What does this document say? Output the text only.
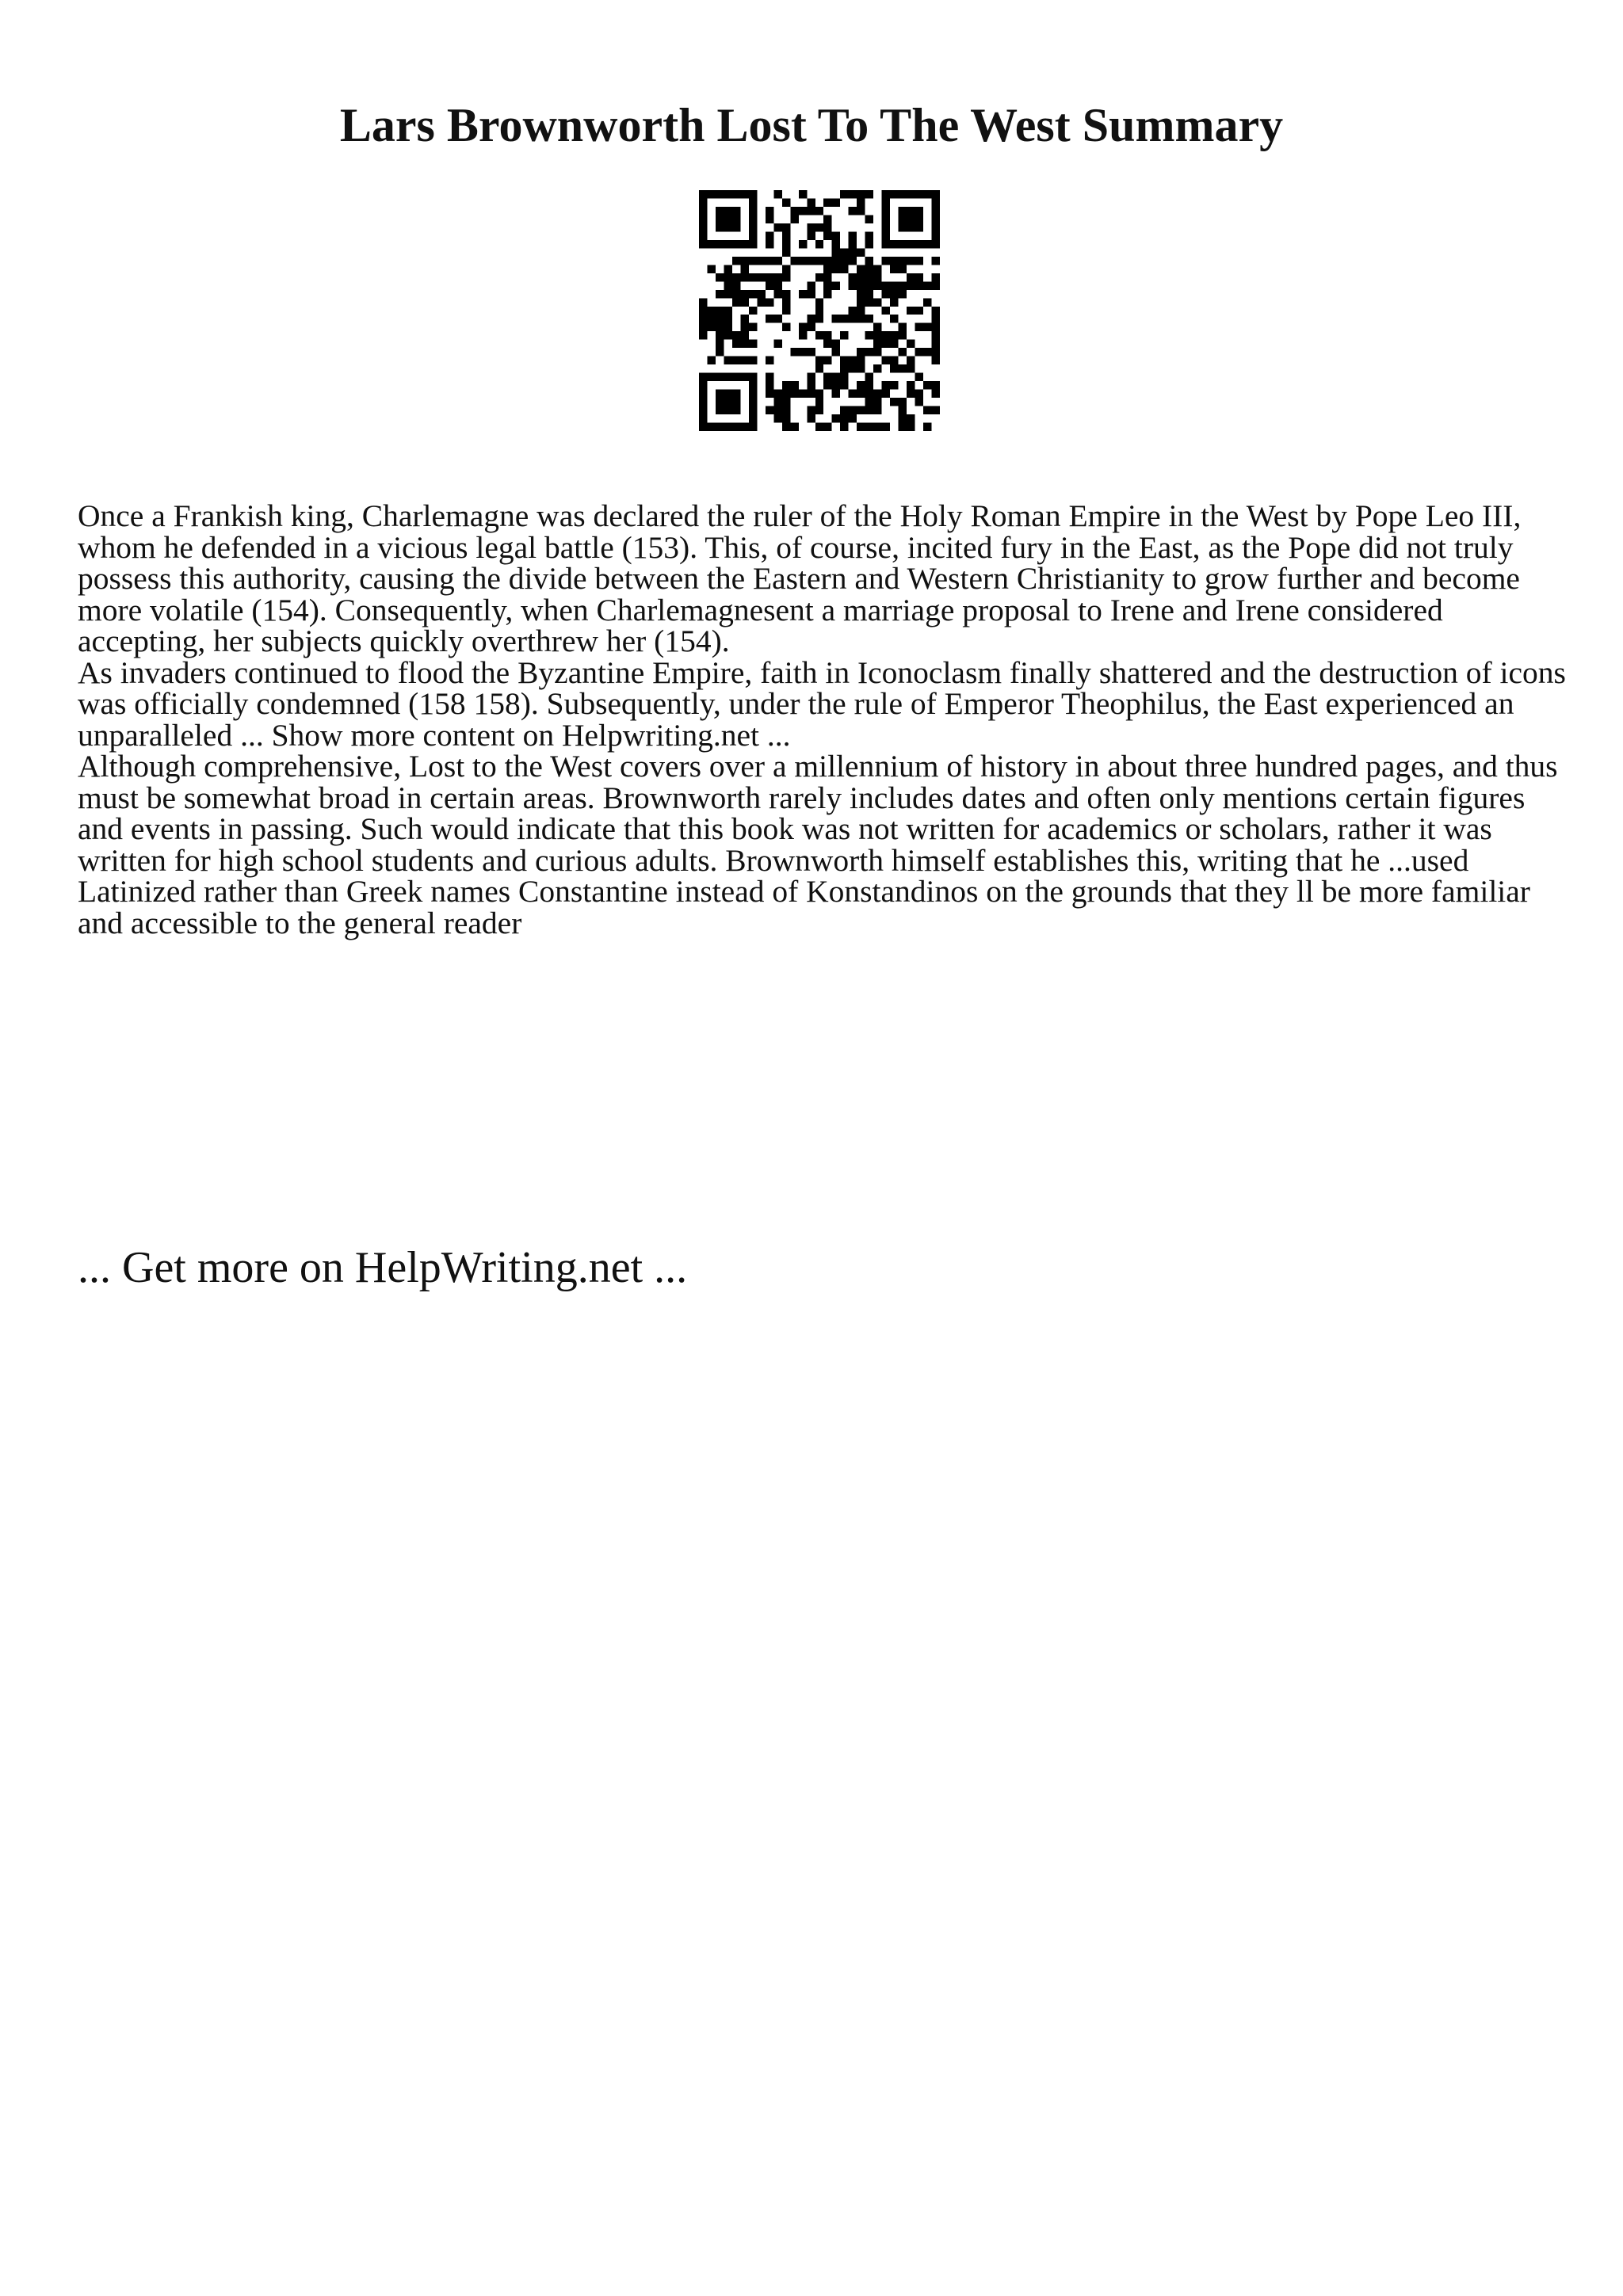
Lars Brownworth Lost To The West Summary

Once a Frankish king, Charlemagne was declared the ruler of the Holy Roman Empire in the West by Pope Leo III, whom he defended in a vicious legal battle (153). This, of course, incited fury in the East, as the Pope did not truly possess this authority, causing the divide between the Eastern and Western Christianity to grow further and become more volatile (154). Consequently, when Charlemagnesent a marriage proposal to Irene and Irene considered accepting, her subjects quickly overthrew her (154).

As invaders continued to flood the Byzantine Empire, faith in Iconoclasm finally shattered and the destruction of icons was officially condemned (158 158). Subsequently, under the rule of Emperor Theophilus, the East experienced an unparalleled ... Show more content on Helpwriting.net ...

Although comprehensive, Lost to the West covers over a millennium of history in about three hundred pages, and thus must be somewhat broad in certain areas. Brownworth rarely includes dates and often only mentions certain figures and events in passing. Such would indicate that this book was not written for academics or scholars, rather it was written for high school students and curious adults. Brownworth himself establishes this, writing that he ...used Latinized rather than Greek names Constantine instead of Konstandinos on the grounds that they ll be more familiar and accessible to the general reader

... Get more on HelpWriting.net ...
